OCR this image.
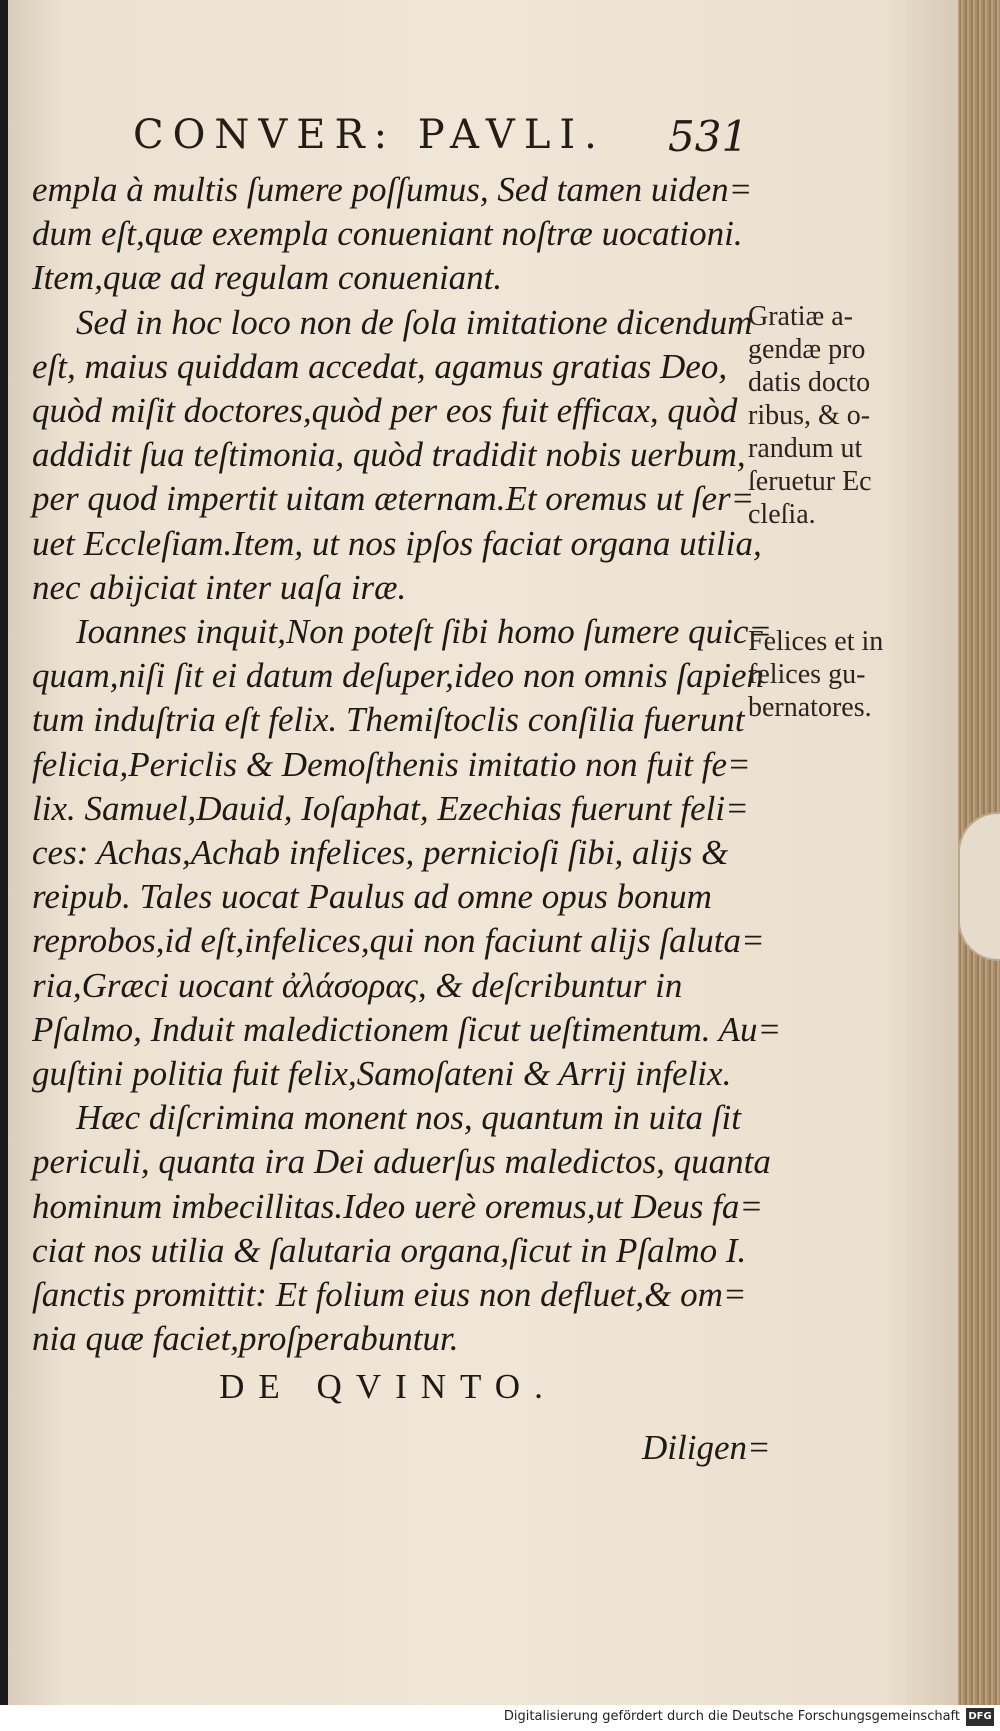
CONVER: PAVLI. 531
empla à multis ſumere poſſumus, Sed tamen uiden=
dum eſt,quæ exempla conueniant noſtræ uocationi.
Item,quæ ad regulam conueniant.
Sed in hoc loco non de ſola imitatione dicendum
eſt, maius quiddam accedat, agamus gratias Deo,
quòd miſit doctores,quòd per eos fuit efficax, quòd
addidit ſua teſtimonia, quòd tradidit nobis uerbum,
per quod impertit uitam æternam.Et oremus ut ſer=
uet Eccleſiam.Item, ut nos ipſos faciat organa utilia,
nec abijciat inter uaſa iræ.
Ioannes inquit,Non poteſt ſibi homo ſumere quic=
quam,niſi ſit ei datum deſuper,ideo non omnis ſapien
tum induſtria eſt felix. Themiſtoclis conſilia fuerunt
felicia,Periclis & Demoſthenis imitatio non fuit fe=
lix. Samuel,Dauid, Ioſaphat, Ezechias fuerunt feli=
ces: Achas,Achab infelices, pernicioſi ſibi, alijs &
reipub. Tales uocat Paulus ad omne opus bonum
reprobos,id eſt,infelices,qui non faciunt alijs ſaluta=
ria,Græci uocant ἀλάσορας, & deſcribuntur in
Pſalmo, Induit maledictionem ſicut ueſtimentum. Au=
guſtini politia fuit felix,Samoſateni & Arrij infelix.
Hæc diſcrimina monent nos, quantum in uita ſit
periculi, quanta ira Dei aduerſus maledictos, quanta
hominum imbecillitas.Ideo uerè oremus,ut Deus fa=
ciat nos utilia & ſalutaria organa,ſicut in Pſalmo I.
ſanctis promittit: Et folium eius non defluet,& om=
nia quæ faciet,proſperabuntur.
DE QVINTO.
Diligen=
Gratiæ a-
gendæ pro
datis docto
ribus, & o-
randum ut
ſeruetur Ec
cleſia.
Felices et in
felices gu-
bernatores.
Digitalisierung gefördert durch die Deutsche Forschungsgemeinschaft DFG
